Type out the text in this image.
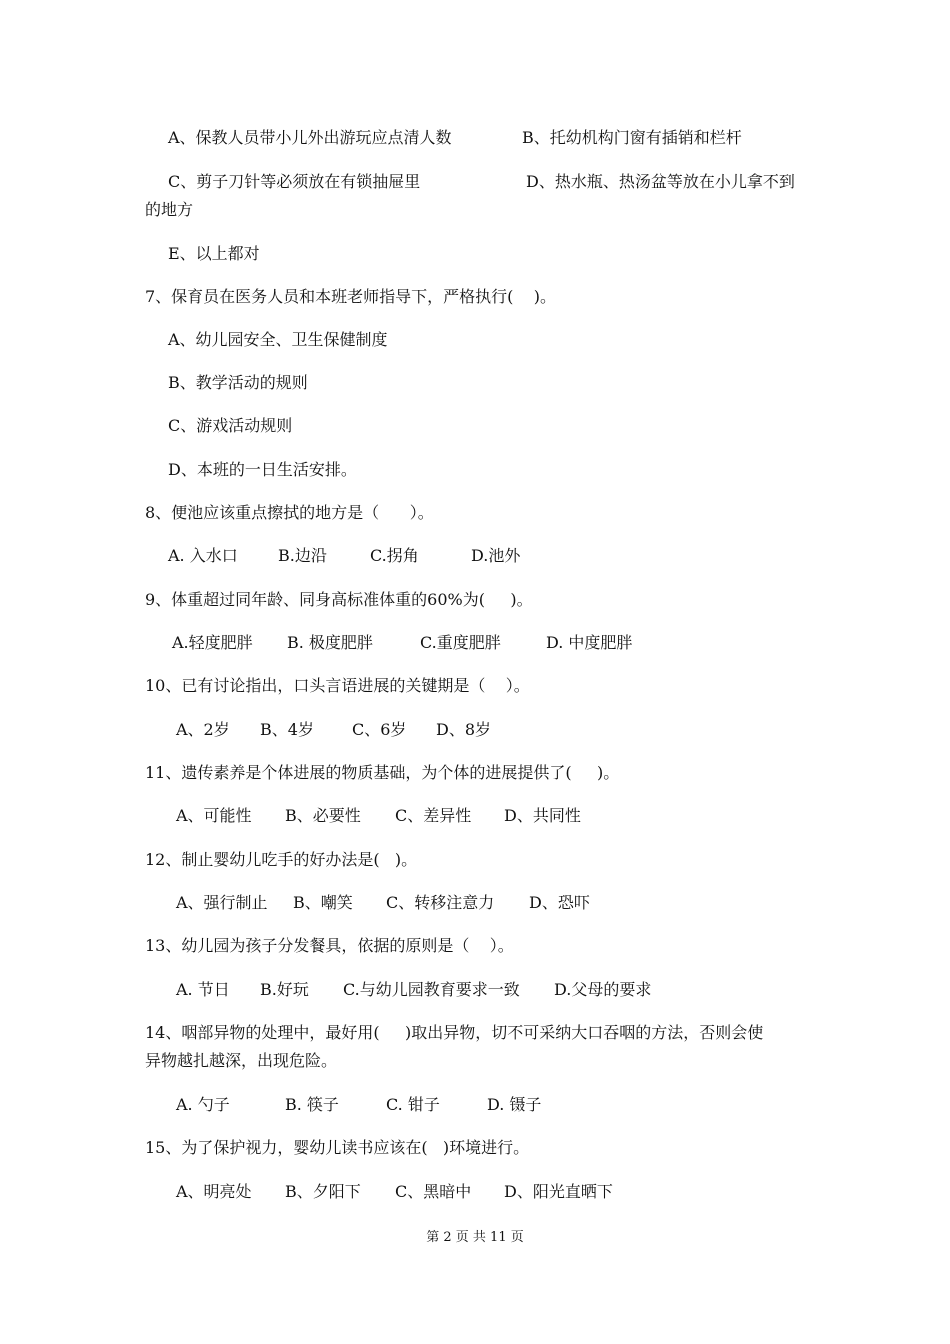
A、保教人员带小儿外出游玩应点清人数	B、托幼机构门窗有插销和栏杆
C、剪子刀针等必须放在有锁抽屉里	D、热水瓶、热汤盆等放在小儿拿不到
的地方
E、以上都对
7、保育员在医务人员和本班老师指导下，严格执行(    )。
A、幼儿园安全、卫生保健制度
B、教学活动的规则
C、游戏活动规则
D、本班的一日生活安排。
8、便池应该重点擦拭的地方是（      ）。
A. 入水口	B.边沿	C.拐角	D.池外
9、体重超过同年龄、同身高标准体重的60%为(     )。
A.轻度肥胖 B. 极度肥胖	C.重度肥胖	D. 中度肥胖
10、已有讨论指出，口头言语进展的关键期是（    ）。
A、2岁 B、4岁 C、6岁 D、8岁
11、遗传素养是个体进展的物质基础，为个体的进展提供了(     )。
A、可能性 B、必要性 C、差异性 D、共同性
12、制止婴幼儿吃手的好办法是(   )。
A、强行制止 B、嘲笑 C、转移注意力 D、恐吓
13、幼儿园为孩子分发餐具，依据的原则是（    ）。
A. 节日 B.好玩 C.与幼儿园教育要求一致 D.父母的要求
14、咽部异物的处理中，最好用(     )取出异物，切不可采纳大口吞咽的方法，否则会使
异物越扎越深，出现危险。
A. 勺子	B. 筷子	C. 钳子	D. 镊子
15、为了保护视力，婴幼儿读书应该在(   )环境进行。
A、明亮处 B、夕阳下 C、黑暗中 D、阳光直晒下
第 2 页 共 11 页
